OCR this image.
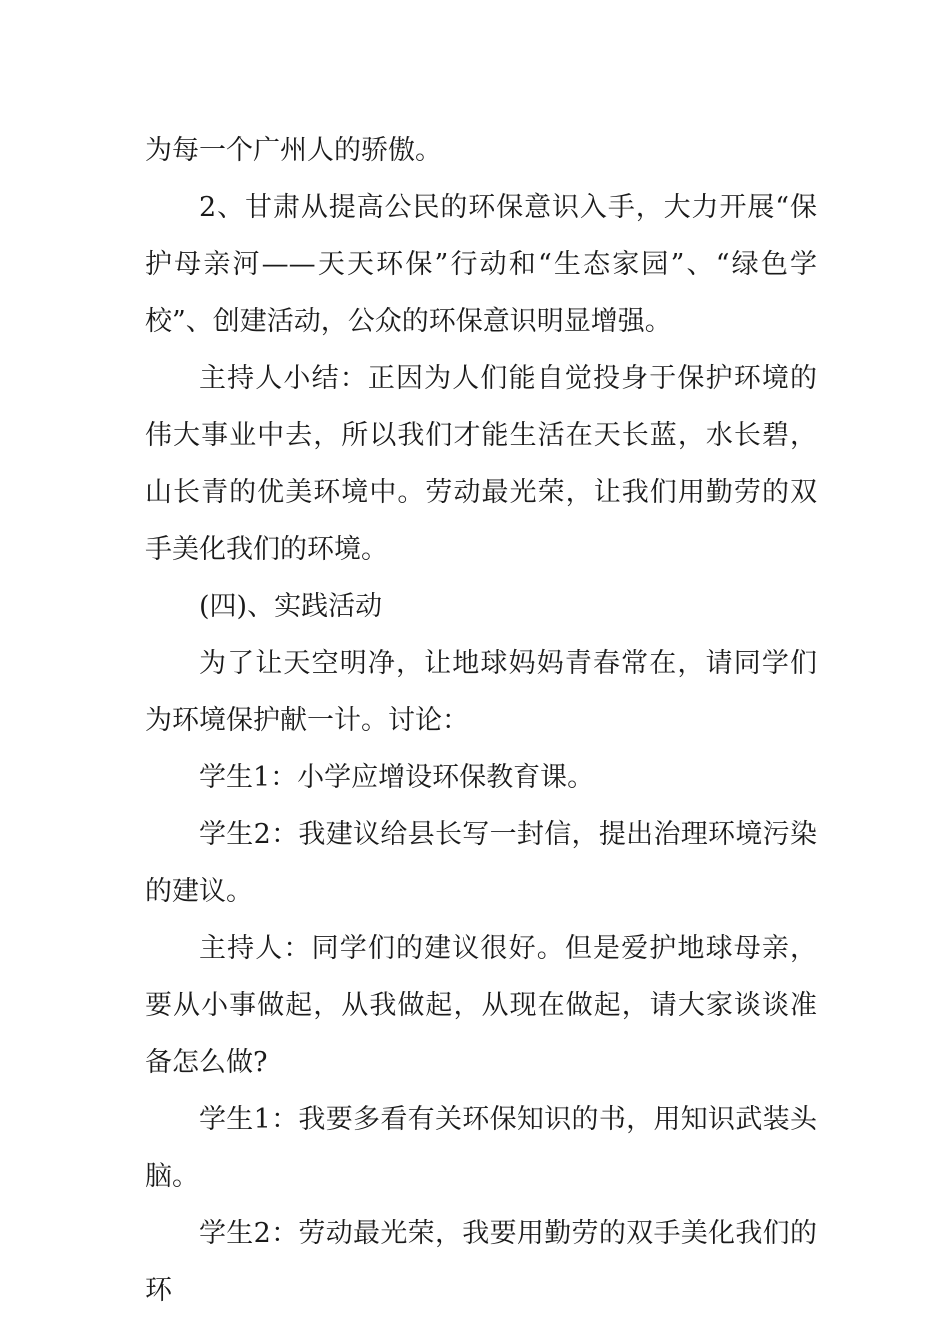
为每一个广州人的骄傲。

2、甘肃从提高公民的环保意识入手，大力开展“保护母亲河——天天环保”行动和“生态家园”、“绿色学校”、创建活动，公众的环保意识明显增强。

主持人小结：正因为人们能自觉投身于保护环境的伟大事业中去，所以我们才能生活在天长蓝，水长碧，山长青的优美环境中。劳动最光荣，让我们用勤劳的双手美化我们的环境。

(四)、实践活动

为了让天空明净，让地球妈妈青春常在，请同学们为环境保护献一计。讨论：

学生1：小学应增设环保教育课。

学生2：我建议给县长写一封信，提出治理环境污染的建议。

主持人：同学们的建议很好。但是爱护地球母亲，要从小事做起，从我做起，从现在做起，请大家谈谈准备怎么做?

学生1：我要多看有关环保知识的书，用知识武装头脑。

学生2：劳动最光荣，我要用勤劳的双手美化我们的环
